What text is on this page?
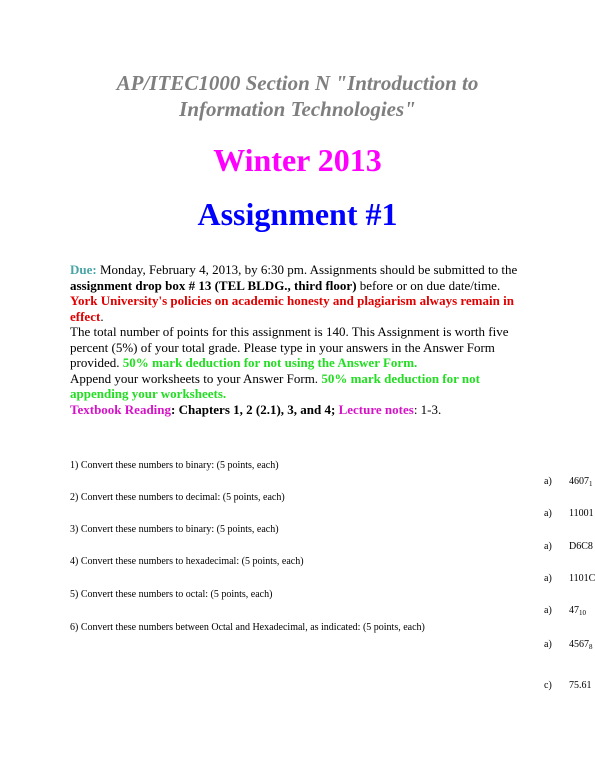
AP/ITEC1000 Section N "Introduction to
Information Technologies"
Winter 2013
Assignment #1

Due: Monday, February 4, 2013, by 6:30 pm. Assignments should be submitted to the assignment drop box # 13 (TEL BLDG., third floor) before or on due date/time.

York University's policies on academic honesty and plagiarism always remain in effect.

The total number of points for this assignment is 140. This Assignment is worth five percent (5%) of your total grade. Please type in your answers in the Answer Form provided. 50% mark deduction for not using the Answer Form.

Append your worksheets to your Answer Form. 50% mark deduction for not appending your worksheets.

Textbook Reading: Chapters 1, 2 (2.1), 3, and 4; Lecture notes: 1-3.

1) Convert these numbers to binary: (5 points, each)
2) Convert these numbers to decimal: (5 points, each)
3) Convert these numbers to binary: (5 points, each)
4) Convert these numbers to hexadecimal: (5 points, each)
5) Convert these numbers to octal: (5 points, each)
6) Convert these numbers between Octal and Hexadecimal, as indicated: (5 points, each)
a) $4607_1$
a) 11001
a) D6C8
a) 1101C
a) $47_{10}$
a) $4567_8$
c) 75.61
